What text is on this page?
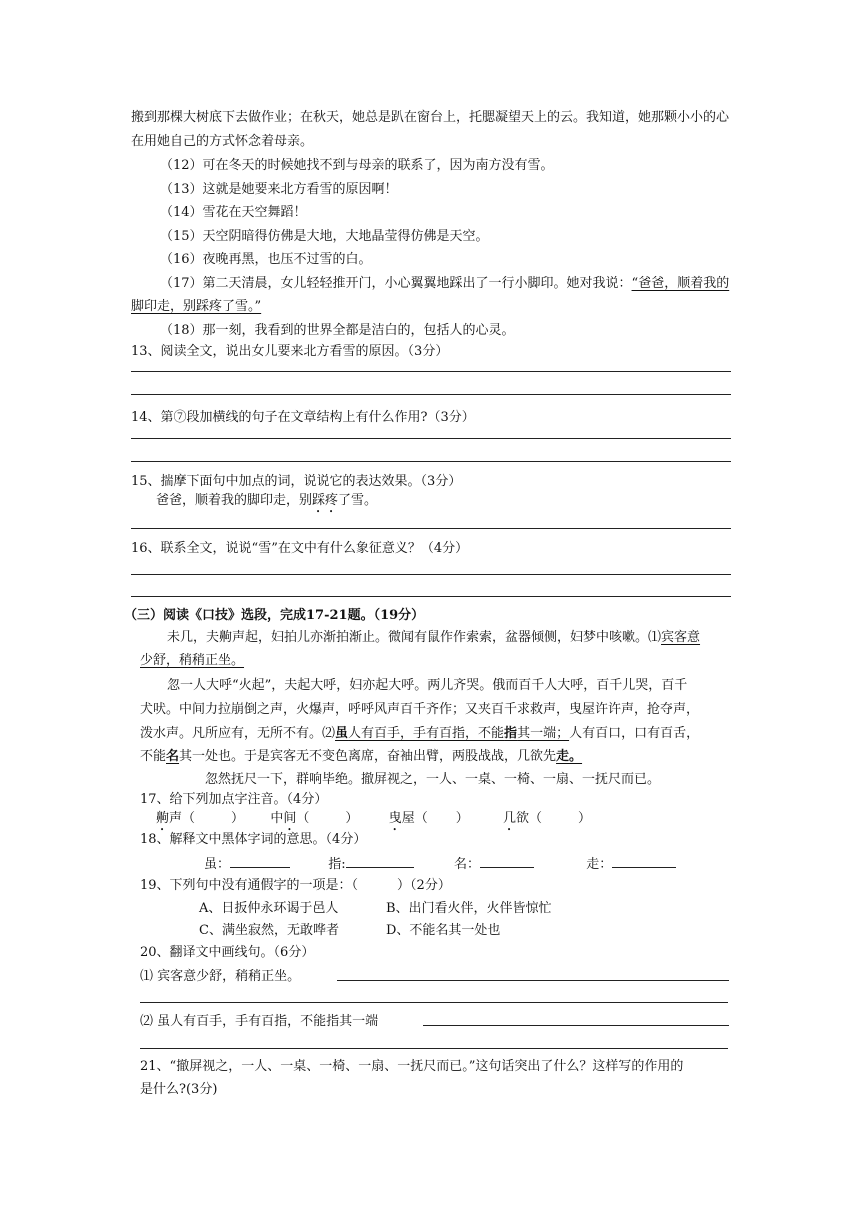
搬到那棵大树底下去做作业；在秋天，她总是趴在窗台上，托腮凝望天上的云。我知道，她那颗小小的心
在用她自己的方式怀念着母亲。
（12）可在冬天的时候她找不到与母亲的联系了，因为南方没有雪。
（13）这就是她要来北方看雪的原因啊！
（14）雪花在天空舞蹈！
（15）天空阴暗得仿佛是大地，大地晶莹得仿佛是天空。
（16）夜晚再黑，也压不过雪的白。
（17）第二天清晨，女儿轻轻推开门，小心翼翼地踩出了一行小脚印。她对我说：“爸爸，顺着我的
脚印走，别踩疼了雪。”
（18）那一刻，我看到的世界全都是洁白的，包括人的心灵。
13、阅读全文，说出女儿要来北方看雪的原因。（3分）
14、第⑦段加横线的句子在文章结构上有什么作用?（3分）
15、揣摩下面句中加点的词，说说它的表达效果。（3分）
爸爸，顺着我的脚印走，别踩疼了雪。
16、联系全文，说说“雪”在文中有什么象征意义？（4分）
（三）阅读《口技》选段，完成17-21题。（19分）
未几，夫齁声起，妇拍儿亦渐拍渐止。微闻有鼠作作索索，盆器倾侧，妇梦中咳嗽。⑴宾客意
少舒，稍稍正坐。
忽一人大呼“火起”，夫起大呼，妇亦起大呼。两儿齐哭。俄而百千人大呼，百千儿哭，百千
犬吠。中间力拉崩倒之声，火爆声，呼呼风声百千齐作；又夹百千求救声，曳屋许许声，抢夺声，
泼水声。凡所应有，无所不有。⑵虽人有百手，手有百指，不能指其一端；人有百口，口有百舌，
不能名其一处也。于是宾客无不变色离席，奋袖出臂，两股战战，几欲先走。
忽然抚尺一下，群响毕绝。撤屏视之，一人、一桌、一椅、一扇、一抚尺而已。
17、给下列加点字注音。（4分）
齁声（	） 中间（	） 曳屋（ ）	几欲（	）
18、解释文中黑体字词的意思。（4分）
虽：	指:	名：	走：
19、下列句中没有通假字的一项是：（　　　）（2分）
A、日扳仲永环谒于邑人	B、出门看火伴，火伴皆惊忙
C、满坐寂然，无敢哗者	D、不能名其一处也
20、翻译文中画线句。（6分）
⑴ 宾客意少舒，稍稍正坐。
⑵ 虽人有百手，手有百指，不能指其一端
21、“撤屏视之，一人、一桌、一椅、一扇、一抚尺而已。”这句话突出了什么？这样写的作用的
是什么?(3分)
